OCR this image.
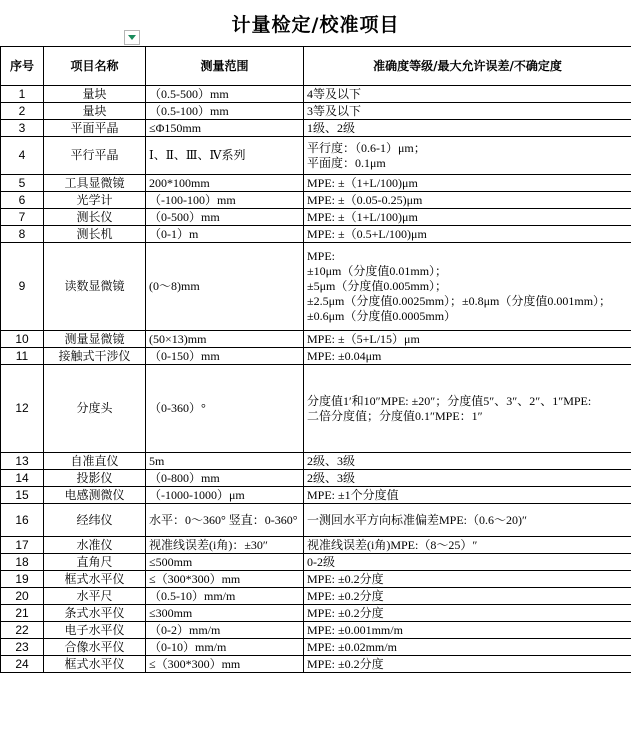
计量检定/校准项目
序号	项目名称	测量范围	准确度等级/最大允许误差/不确定度
1	量块	（0.5-500）mm	4等及以下

2	量块	（0.5-100）mm	3等及以下

3	平面平晶	≤Φ150mm	1级、2级

4	平行平晶	Ⅰ、Ⅱ、Ⅲ、Ⅳ系列	平行度：（0.6-1）μm；
平面度：0.1μm

5	工具显微镜	200*100mm	MPE: ±（1+L/100)μm

6	光学计	（-100-100）mm	MPE: ±（0.05-0.25)μm

7	测长仪	（0-500）mm	MPE: ±（1+L/100)μm

8	测长机	（0-1）m	MPE: ±（0.5+L/100)μm

9	读数显微镜	(0～8)mm	MPE:
±10μm（分度值0.01mm）；
±5μm（分度值0.005mm）；
±2.5μm（分度值0.0025mm）；±0.8μm（分度值0.001mm）；
±0.6μm（分度值0.0005mm）

10	测量显微镜	(50×13)mm	MPE: ±（5+L/15）μm

11	接触式干涉仪	（0-150）mm	MPE: ±0.04μm

12	分度头	（0-360）°	分度值1′和10″MPE: ±20″；分度值5″、3″、2″、1″MPE:
二倍分度值；分度值0.1″MPE：1″

13	自准直仪	5m	2级、3级

14	投影仪	（0-800）mm	2级、3级

15	电感测微仪	（-1000-1000）μm	MPE: ±1个分度值

16	经纬仪	水平：0～360° 竖直：0-360°	一测回水平方向标准偏差MPE:（0.6～20)″

17	水准仪	视准线误差(i角)：±30″	视准线误差(i角)MPE:（8～25）″

18	直角尺	≤500mm	0-2级

19	框式水平仪	≤（300*300）mm	MPE: ±0.2分度

20	水平尺	（0.5-10）mm/m	MPE: ±0.2分度

21	条式水平仪	≤300mm	MPE: ±0.2分度

22	电子水平仪	（0-2）mm/m	MPE: ±0.001mm/m

23	合像水平仪	（0-10）mm/m	MPE: ±0.02mm/m

24	框式水平仪	≤（300*300）mm	MPE: ±0.2分度
